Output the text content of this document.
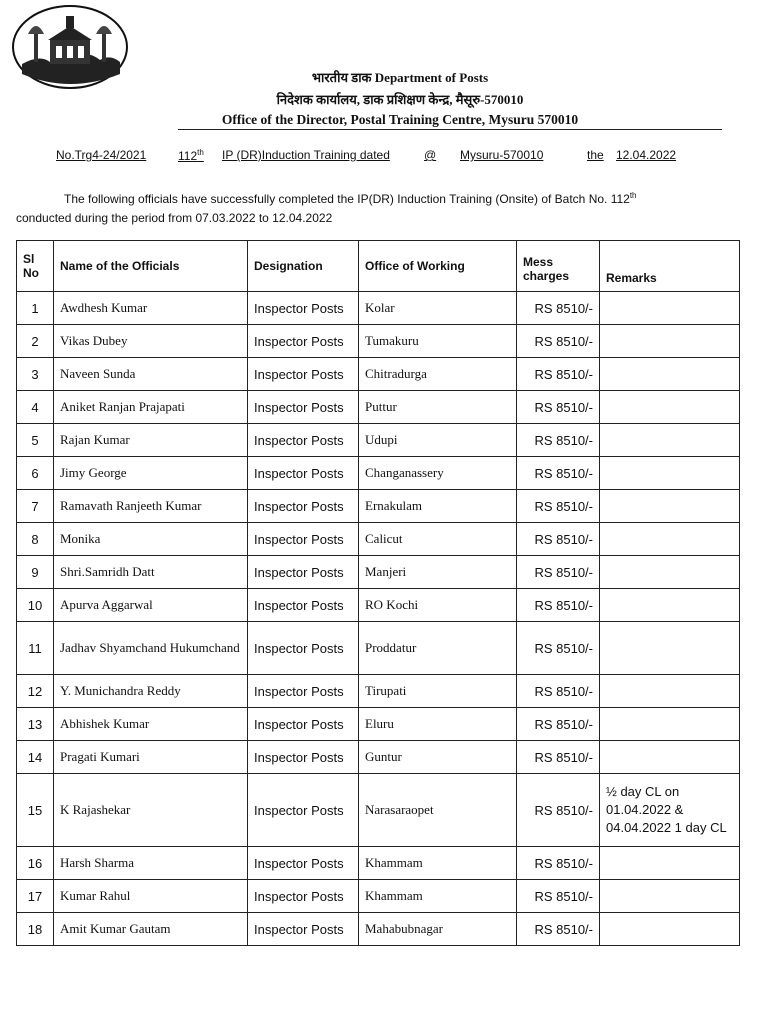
भारतीय डाक Department of Posts
निदेशक कार्यालय, डाक प्रशिक्षण केन्द्र, मैसूरु-570010
Office of the Director, Postal Training Centre, Mysuru 570010
No.Trg4-24/2021	112th IP (DR)Induction Training dated	@ Mysuru-570010	the 12.04.2022

The following officials have successfully completed the IP(DR) Induction Training (Onsite) of Batch No. 112th

conducted during the period from 07.03.2022 to 12.04.2022

Sl No	Name of the Officials	Designation	Office of Working	Mess charges	Remarks

1	Awdhesh Kumar	Inspector Posts	Kolar	RS 8510/-	
2	Vikas Dubey	Inspector Posts	Tumakuru	RS 8510/-	
3	Naveen Sunda	Inspector Posts	Chitradurga	RS 8510/-	
4	Aniket Ranjan Prajapati	Inspector Posts	Puttur	RS 8510/-	
5	Rajan Kumar	Inspector Posts	Udupi	RS 8510/-	
6	Jimy George	Inspector Posts	Changanassery	RS 8510/-	
7	Ramavath Ranjeeth Kumar	Inspector Posts	Ernakulam	RS 8510/-	
8	Monika	Inspector Posts	Calicut	RS 8510/-	
9	Shri.Samridh Datt	Inspector Posts	Manjeri	RS 8510/-	
10	Apurva Aggarwal	Inspector Posts	RO Kochi	RS 8510/-	
11	Jadhav Shyamchand Hukumchand	Inspector Posts	Proddatur	RS 8510/-	
12	Y. Munichandra Reddy	Inspector Posts	Tirupati	RS 8510/-	
13	Abhishek Kumar	Inspector Posts	Eluru	RS 8510/-	
14	Pragati Kumari	Inspector Posts	Guntur	RS 8510/-	
15	K Rajashekar	Inspector Posts	Narasaraopet	RS 8510/-	½ day CL on
01.04.2022 &
04.04.2022 1 day CL

16	Harsh Sharma	Inspector Posts	Khammam	RS 8510/-	
17	Kumar Rahul	Inspector Posts	Khammam	RS 8510/-	
18	Amit Kumar Gautam	Inspector Posts	Mahabubnagar	RS 8510/-	
